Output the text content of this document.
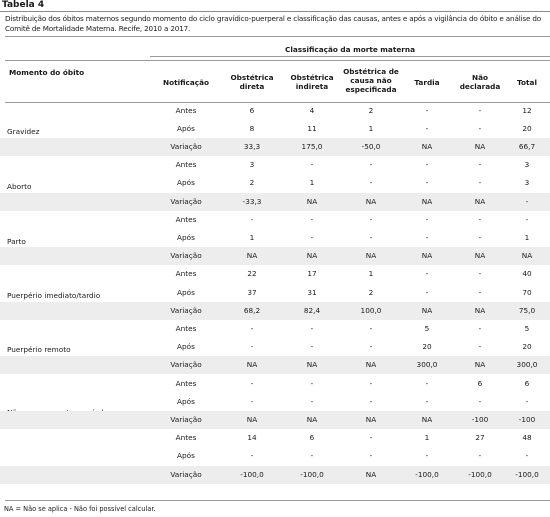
Tabela 4
Distribuição dos óbitos maternos segundo momento do ciclo gravídico-puerperal e classificação das causas, antes e após a vigilância do óbito e análise do Comitê de Mortalidade Materna. Recife, 2010 a 2017.
Classificação da morte materna
Momento do óbito
Notificação
Obstétrica direta
Obstétrica indireta
Obstétrica de causa não especificada
Tardia
Não declarada	Total
Gravidez
Antes	6	4	2	-	-	12
Após	8	11	1	-	-	20
Variação	33,3	175,0	-50,0	NA	NA	66,7
Aborto
Antes	3	-	-	-	-	3
Após	2	1	-	-	-	3
Variação	-33,3	NA	NA	NA	NA	-
Parto
Antes	-	-	-	-	-	-
Após	1	-	-	-	-	1
Variação	NA	NA	NA	NA	NA	NA
Puerpério imediato/tardio
Antes	22	17	1	-	-	40
Após	37	31	2	-	-	70
Variação	68,2	82,4	100,0	NA	NA	75,0
Puerpério remoto
Antes	-	-	-	5	-	5
Após	-	-	-	20	-	20
Variação	NA	NA	NA	300,0	NA	300,0
Antes	-	-	-	-	6	6
Após	-	-	-	-	-	-
Variação	NA	NA	NA	NA	-100	-100
Antes	14	6	-	1	27	48
Após	-	-	-	-	-	-
Variação	-100,0	-100,0	NA	-100,0	-100,0	-100,0
NA = Não se aplica - Não foi possível calcular.
